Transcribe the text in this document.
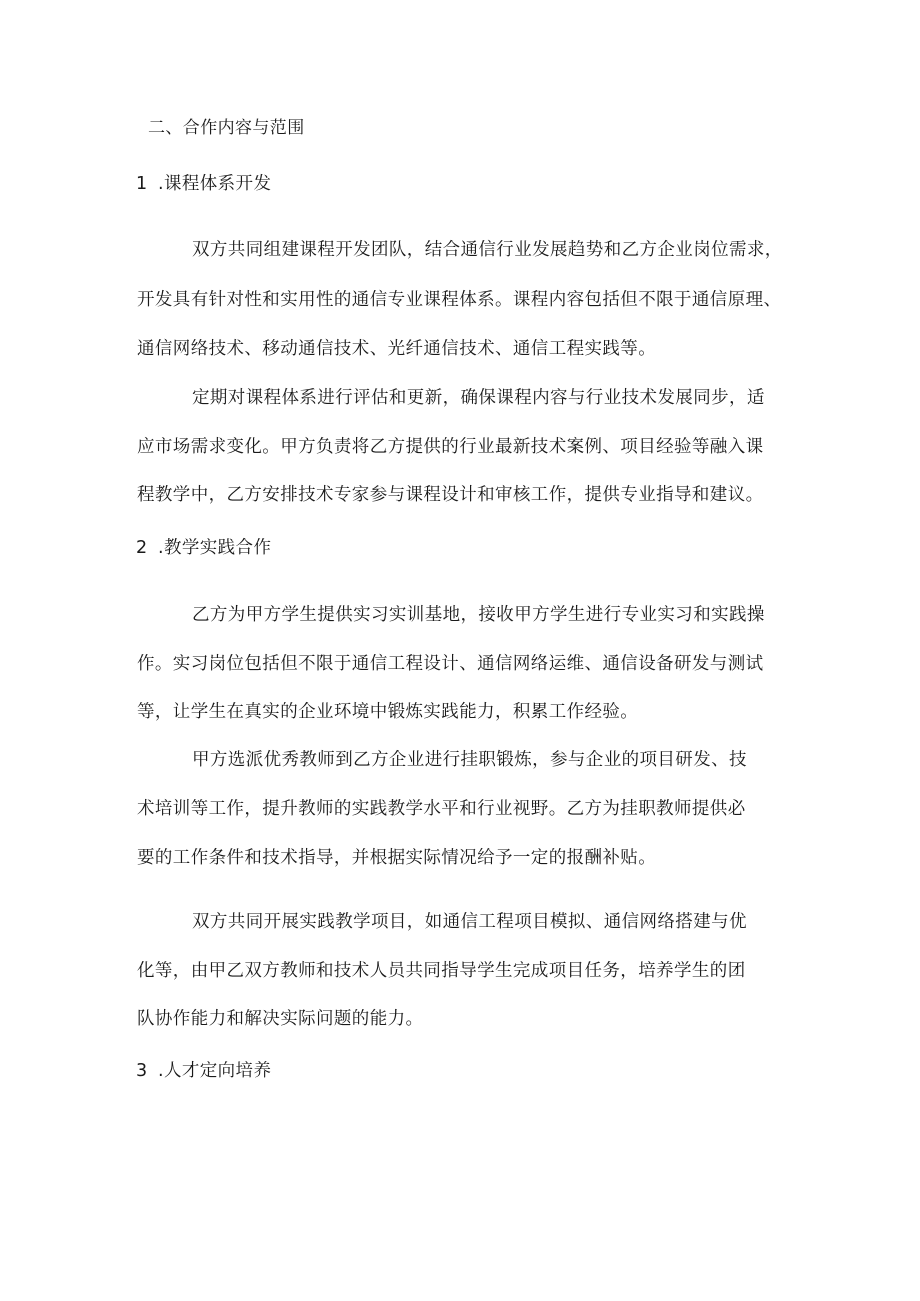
二、合作内容与范围
1 .课程体系开发
双方共同组建课程开发团队，结合通信行业发展趋势和乙方企业岗位需求，
开发具有针对性和实用性的通信专业课程体系。课程内容包括但不限于通信原理、
通信网络技术、移动通信技术、光纤通信技术、通信工程实践等。
定期对课程体系进行评估和更新，确保课程内容与行业技术发展同步，适
应市场需求变化。甲方负责将乙方提供的行业最新技术案例、项目经验等融入课
程教学中，乙方安排技术专家参与课程设计和审核工作，提供专业指导和建议。
2 .教学实践合作
乙方为甲方学生提供实习实训基地，接收甲方学生进行专业实习和实践操
作。实习岗位包括但不限于通信工程设计、通信网络运维、通信设备研发与测试
等，让学生在真实的企业环境中锻炼实践能力，积累工作经验。
甲方选派优秀教师到乙方企业进行挂职锻炼，参与企业的项目研发、技
术培训等工作，提升教师的实践教学水平和行业视野。乙方为挂职教师提供必
要的工作条件和技术指导，并根据实际情况给予一定的报酬补贴。
双方共同开展实践教学项目，如通信工程项目模拟、通信网络搭建与优
化等，由甲乙双方教师和技术人员共同指导学生完成项目任务，培养学生的团
队协作能力和解决实际问题的能力。
3 .人才定向培养
